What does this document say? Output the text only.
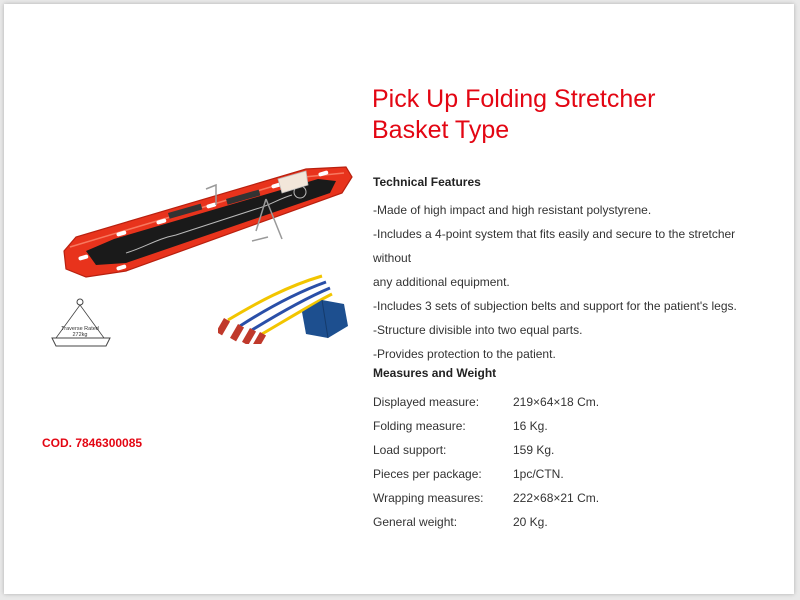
Traverse Rated
272kg
COD. 7846300085
Pick Up Folding Stretcher
Basket Type
Technical Features

-Made of high impact and high resistant polystyrene.

-Includes a 4-point system that fits easily and secure to the stretcher without

any additional equipment.

-Includes 3 sets of subjection belts and support for the patient's legs.

-Structure divisible into two equal parts.

-Provides protection to the patient.

Measures and Weight
Displayed measure:	219×64×18 Cm.
Folding measure:	16 Kg.
Load support:	159 Kg.
Pieces per package:	1pc/CTN.
Wrapping measures:	222×68×21 Cm.
General weight:	20 Kg.
